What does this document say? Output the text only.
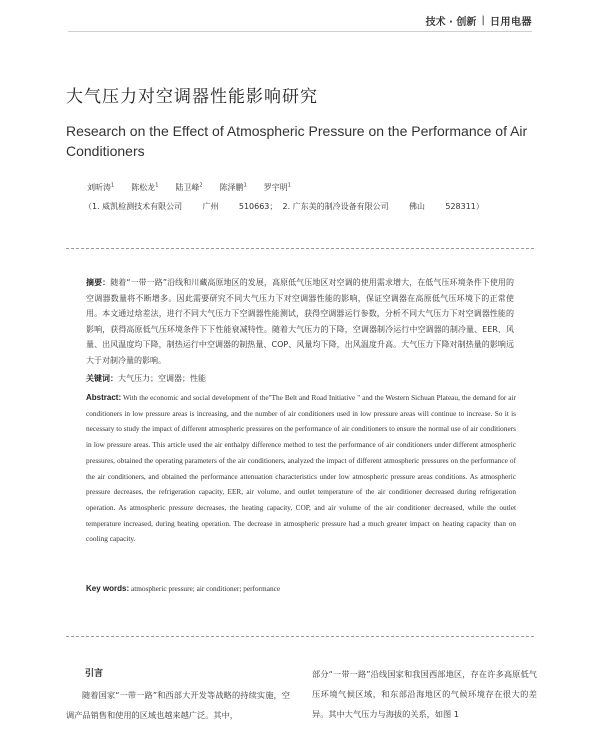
技术 · 创新 | 日用电器
大气压力对空调器性能影响研究
Research on the Effect of Atmospheric Pressure on the Performance of Air Conditioners
刘昕涛$^1$ 陈松龙$^1$ 陆卫峰$^2$ 陈泽鹏$^1$ 罗宇明$^1$
（1. 威凯检测技术有限公司        广州        510663；  2. 广东美的制冷设备有限公司        佛山        528311）
摘要：随着“一带一路”沿线和川藏高原地区的发展，高原低气压地区对空调的使用需求增大，在低气压环境条件下使用的空调器数量将不断增多。因此需要研究不同大气压力下对空调器性能的影响，保证空调器在高原低气压环境下的正常使用。本文通过焓差法，进行不同大气压力下空调器性能测试，获得空调器运行参数，分析不同大气压力下对空调器性能的影响，获得高原低气压环境条件下下性能衰减特性。随着大气压力的下降，空调器制冷运行中空调器的制冷量、EER、风量、出风温度均下降，制热运行中空调器的制热量、COP、风量均下降，出风温度升高。大气压力下降对制热量的影响远大于对制冷量的影响。
关键词：大气压力；空调器；性能
Abstract: With the economic and social development of the"The Belt and Road Initiative " and the Western Sichuan Plateau, the demand for air conditioners in low pressure areas is increasing, and the number of air conditioners used in low pressure areas will continue to increase. So it is necessary to study the impact of different atmospheric pressures on the performance of air conditioners to ensure the normal use of air conditioners in low pressure areas. This article used the air enthalpy difference method to test the performance of air conditioners under different atmospheric pressures, obtained the operating parameters of the air conditioners, analyzed the impact of different atmospheric pressures on the performance of the air conditioners, and obtained the performance attenuation characteristics under low atmospheric pressure areas conditions. As atmospheric pressure decreases, the refrigeration capacity, EER, air volume, and outlet temperature of the air conditioner decreased during refrigeration operation. As atmospheric pressure decreases, the heating capacity, COP, and air volume of the air conditioner decreased, while the outlet temperature increased, during heating operation. The decrease in atmospheric pressure had a much greater impact on heating capacity than on cooling capacity.
Key words: atmospheric pressure; air conditioner; performance
引言
随着国家“一带一路”和西部大开发等战略的持续实施，空调产品销售和使用的区域也越来越广泛。其中，
部分“一带一路”沿线国家和我国西部地区，存在许多高原低气压环境气候区域，和东部沿海地区的气候环境存在很大的差异。其中大气压力与海拔的关系，如图 1
